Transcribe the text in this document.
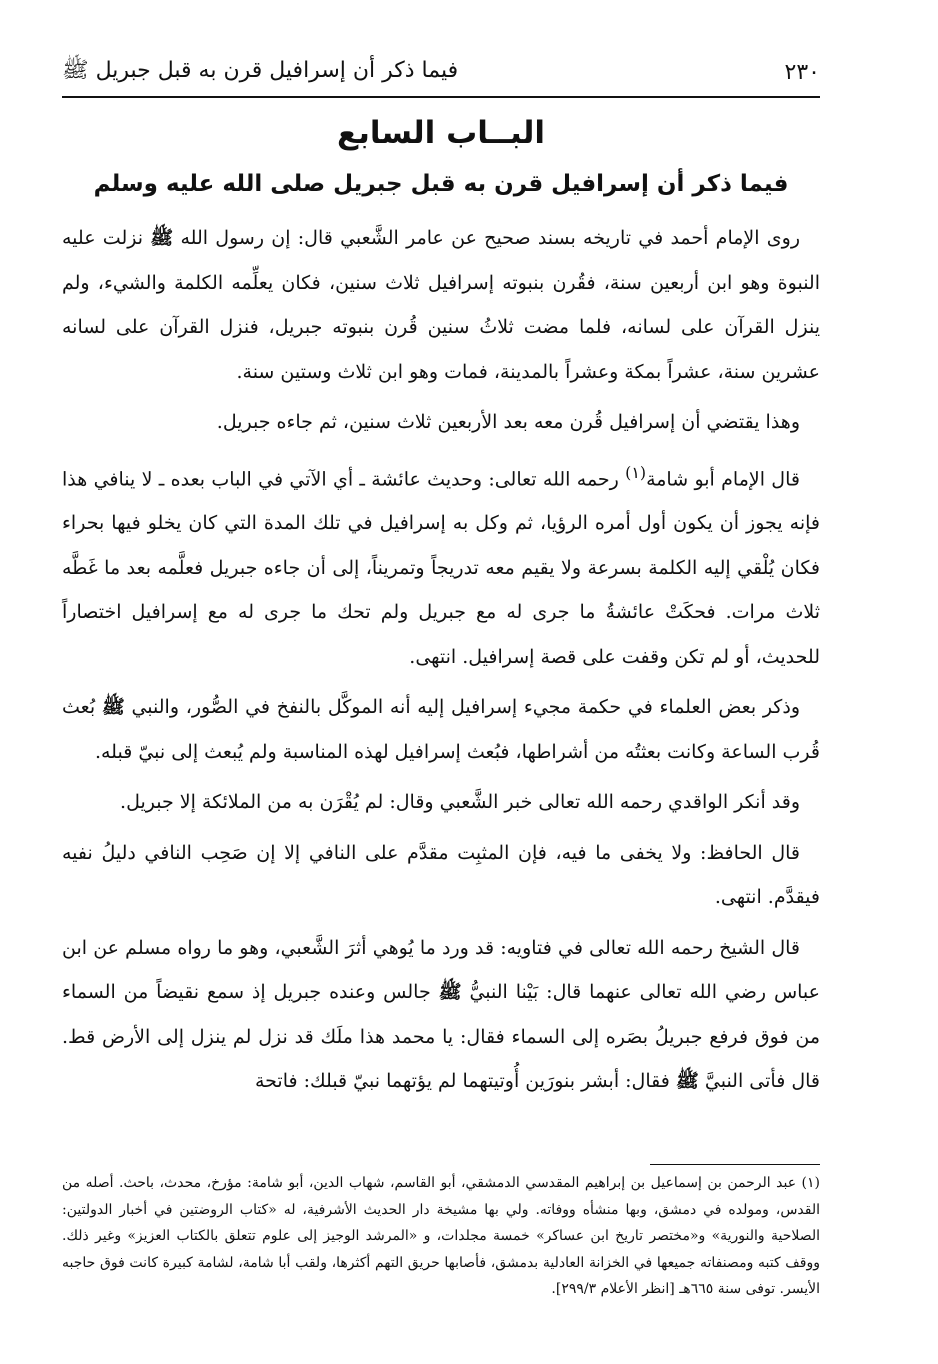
٢٣٠
فيما ذكر أن إسرافيل قرن به قبل جبريل ﷺ
البــاب السابع
فيما ذكر أن إسرافيل قرن به قبل جبريل صلى الله عليه وسلم

روى الإمام أحمد في تاريخه بسند صحيح عن عامر الشَّعبي قال: إن رسول الله ﷺ نزلت عليه النبوة وهو ابن أربعين سنة، فقُرن بنبوته إسرافيل ثلاث سنين، فكان يعلِّمه الكلمة والشيء، ولم ينزل القرآن على لسانه، فلما مضت ثلاثُ سنين قُرن بنبوته جبريل، فنزل القرآن على لسانه عشرين سنة، عشراً بمكة وعشراً بالمدينة، فمات وهو ابن ثلاث وستين سنة.

وهذا يقتضي أن إسرافيل قُرن معه بعد الأربعين ثلاث سنين، ثم جاءه جبريل.

قال الإمام أبو شامة$^{(١)}$ رحمه الله تعالى: وحديث عائشة ـ أي الآتي في الباب بعده ـ لا ينافي هذا فإنه يجوز أن يكون أول أمره الرؤيا، ثم وكل به إسرافيل في تلك المدة التي كان يخلو فيها بحراء فكان يُلْقي إليه الكلمة بسرعة ولا يقيم معه تدريجاً وتمريناً، إلى أن جاءه جبريل فعلَّمه بعد ما غَطَّه ثلاث مرات. فحكَتْ عائشةُ ما جرى له مع جبريل ولم تحك ما جرى له مع إسرافيل اختصاراً للحديث، أو لم تكن وقفت على قصة إسرافيل. انتهى.

وذكر بعض العلماء في حكمة مجيء إسرافيل إليه أنه الموكَّل بالنفخ في الصُّور، والنبي ﷺ بُعث قُرب الساعة وكانت بعثتُه من أشراطها، فبُعث إسرافيل لهذه المناسبة ولم يُبعث إلى نبيّ قبله.

وقد أنكر الواقدي رحمه الله تعالى خبر الشَّعبي وقال: لم يُقْرَن به من الملائكة إلا جبريل.

قال الحافظ: ولا يخفى ما فيه، فإن المثبِت مقدَّم على النافي إلا إن صَحِب النافي دليلُ نفيه فيقدَّم. انتهى.

قال الشيخ رحمه الله تعالى في فتاويه: قد ورد ما يُوهي أثرَ الشَّعبي، وهو ما رواه مسلم عن ابن عباس رضي الله تعالى عنهما قال: بَيْنا النبيُّ ﷺ جالس وعنده جبريل إذ سمع نقيضاً من السماء من فوق فرفع جبريلُ بصَره إلى السماء فقال: يا محمد هذا ملَك قد نزل لم ينزل إلى الأرض قط. قال فأتى النبيَّ ﷺ فقال: أبشر بنورَين أُوتيتهما لم يؤتهما نبيّ قبلك: فاتحة

(١) عبد الرحمن بن إسماعيل بن إبراهيم المقدسي الدمشقي، أبو القاسم، شهاب الدين، أبو شامة: مؤرخ، محدث، باحث. أصله من القدس، ومولده في دمشق، وبها منشأه ووفاته. ولي بها مشيخة دار الحديث الأشرفية، له «كتاب الروضتين في أخبار الدولتين: الصلاحية والنورية» و«مختصر تاريخ ابن عساكر» خمسة مجلدات، و «المرشد الوجيز إلى علوم تتعلق بالكتاب العزيز» وغير ذلك. ووقف كتبه ومصنفاته جميعها في الخزانة العادلية بدمشق، فأصابها حريق التهم أكثرها، ولقب أبا شامة، لشامة كبيرة كانت فوق حاجبه الأيسر. توفى سنة ٦٦٥هـ [انظر الأعلام ٢٩٩/٣].
